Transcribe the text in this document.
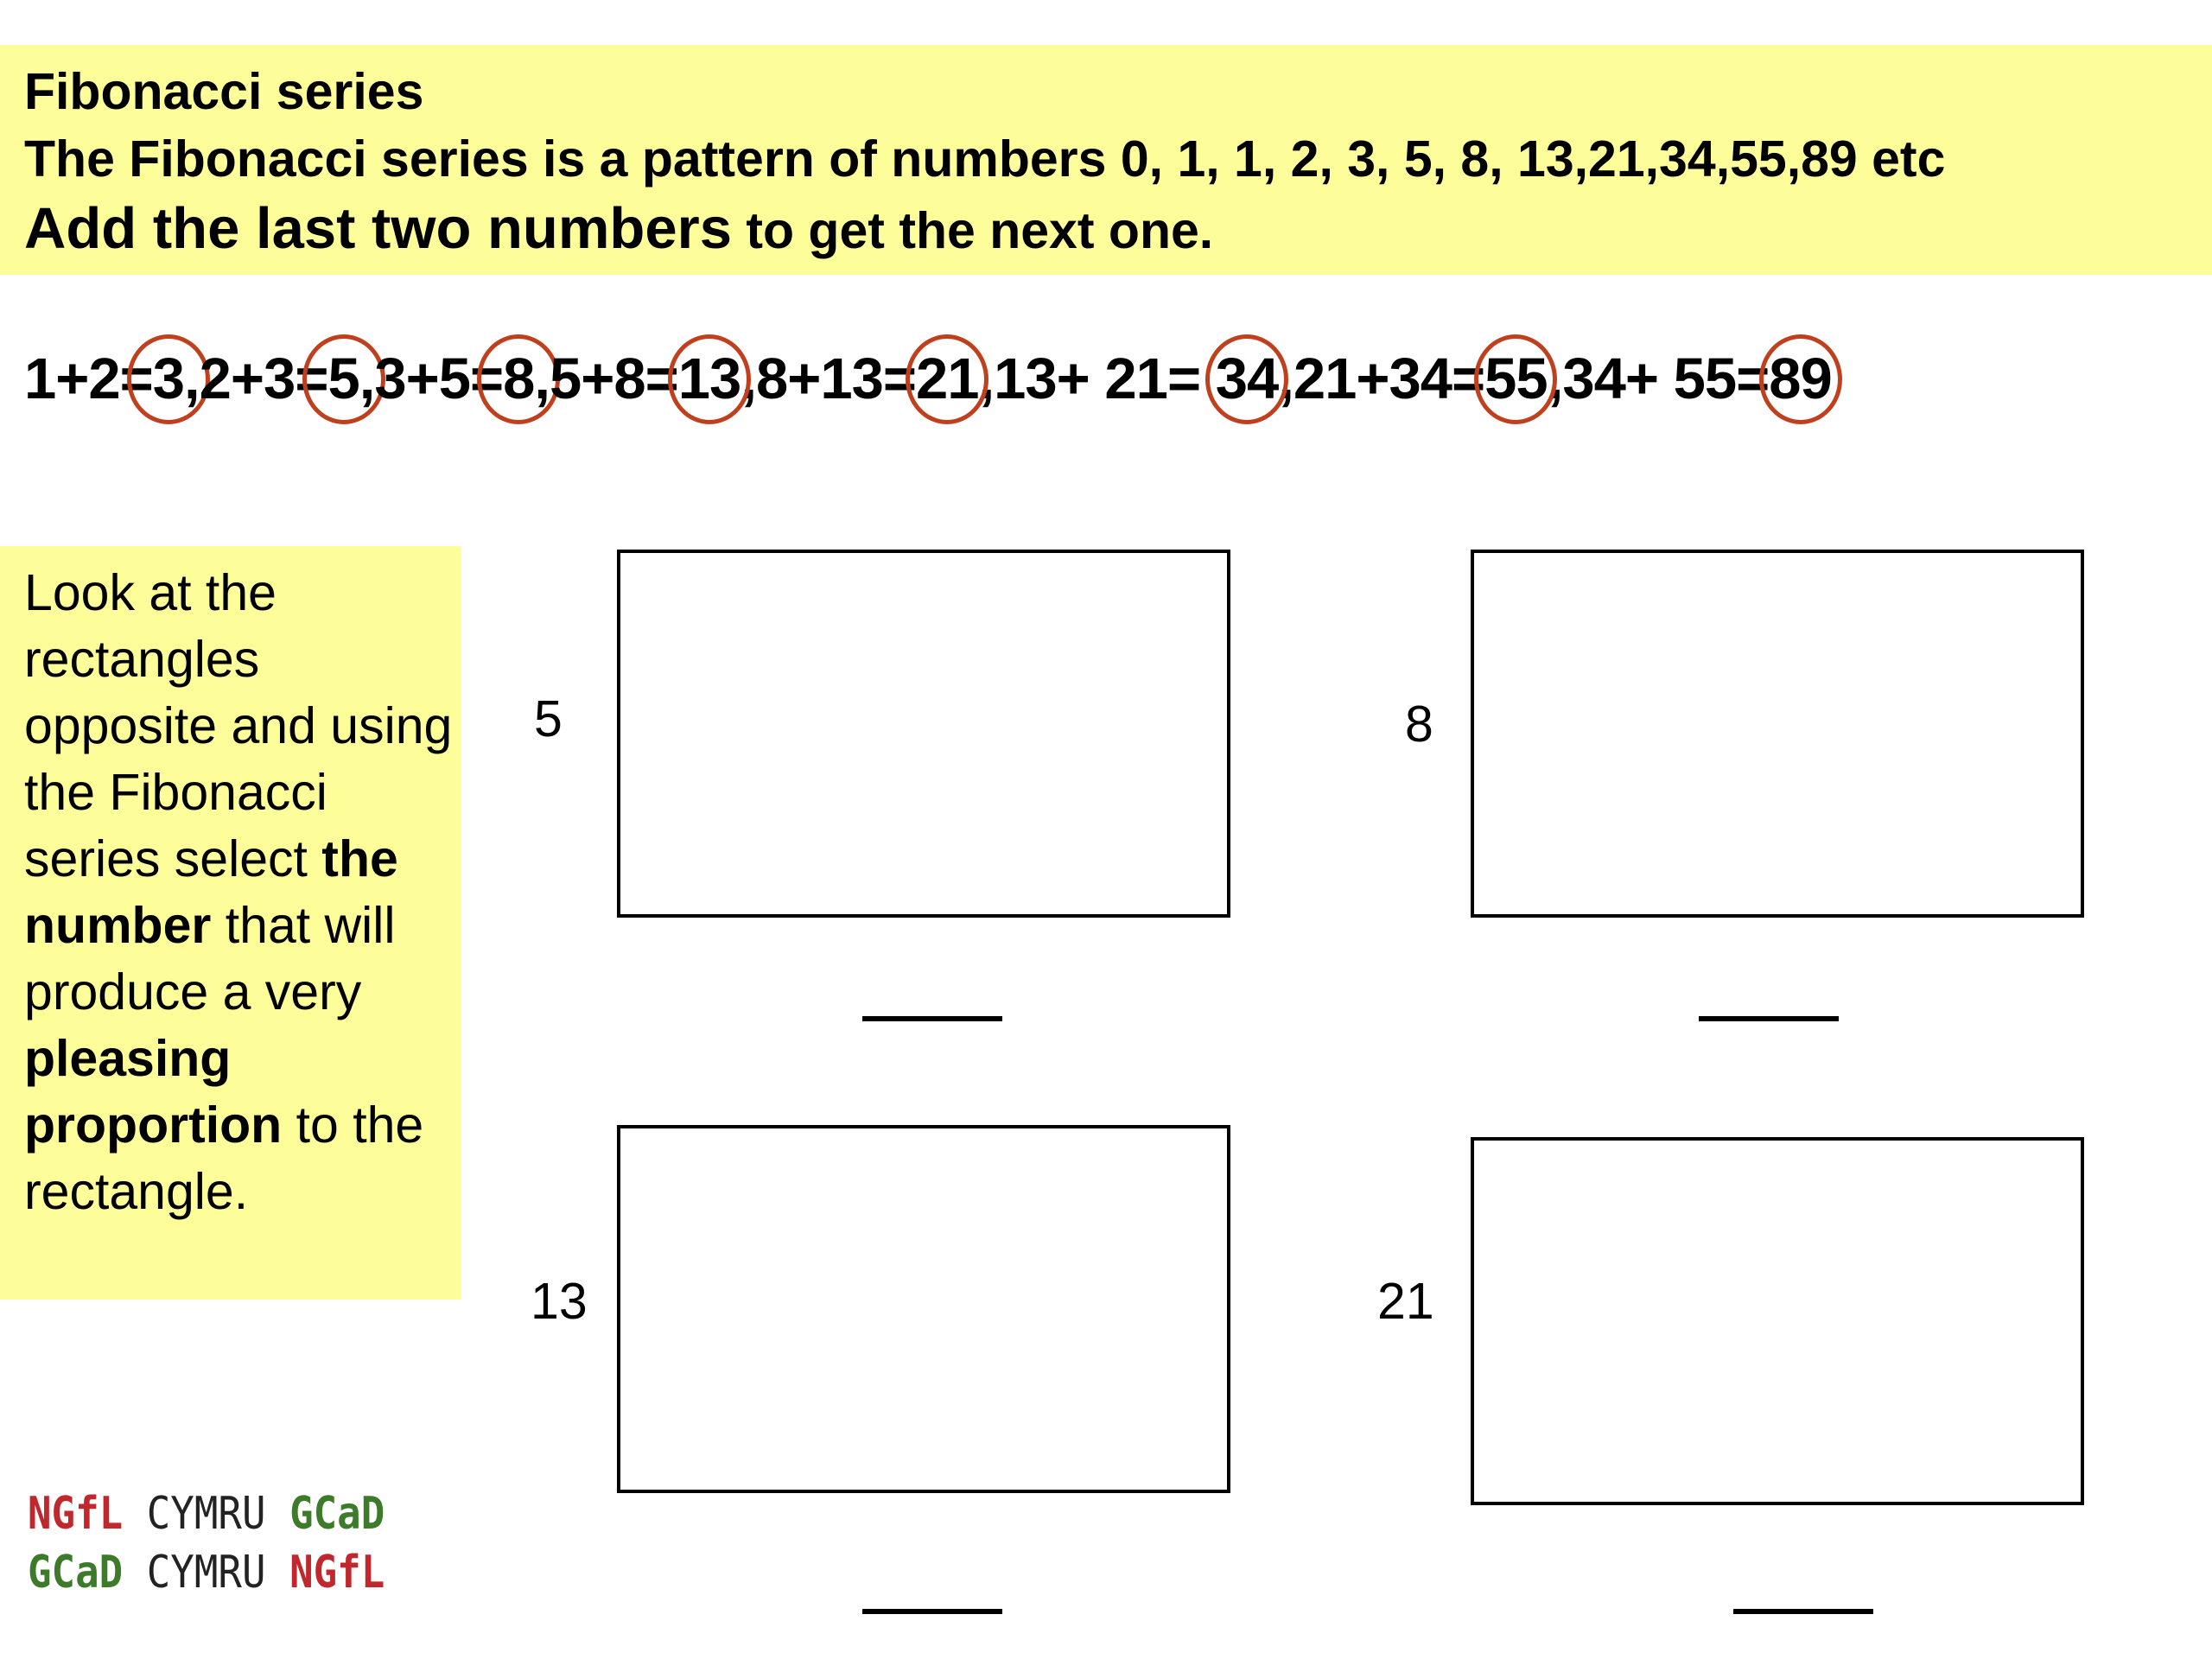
Fibonacci series
The Fibonacci series is a pattern of numbers 0, 1, 1, 2, 3, 5, 8, 13,21,34,55,89 etc
Add the last two numbers to get the next one.
1+2=3,2+3=5,3+5=8,5+8=13,8+13=21,13+ 21= 34,21+34=55,34+ 55=89
Look at the rectangles opposite and using the Fibonacci series select the number that will produce a very pleasing proportion to the rectangle.
5	8
13	21
NGfL CYMRU GCaD
GCaD CYMRU NGfL
